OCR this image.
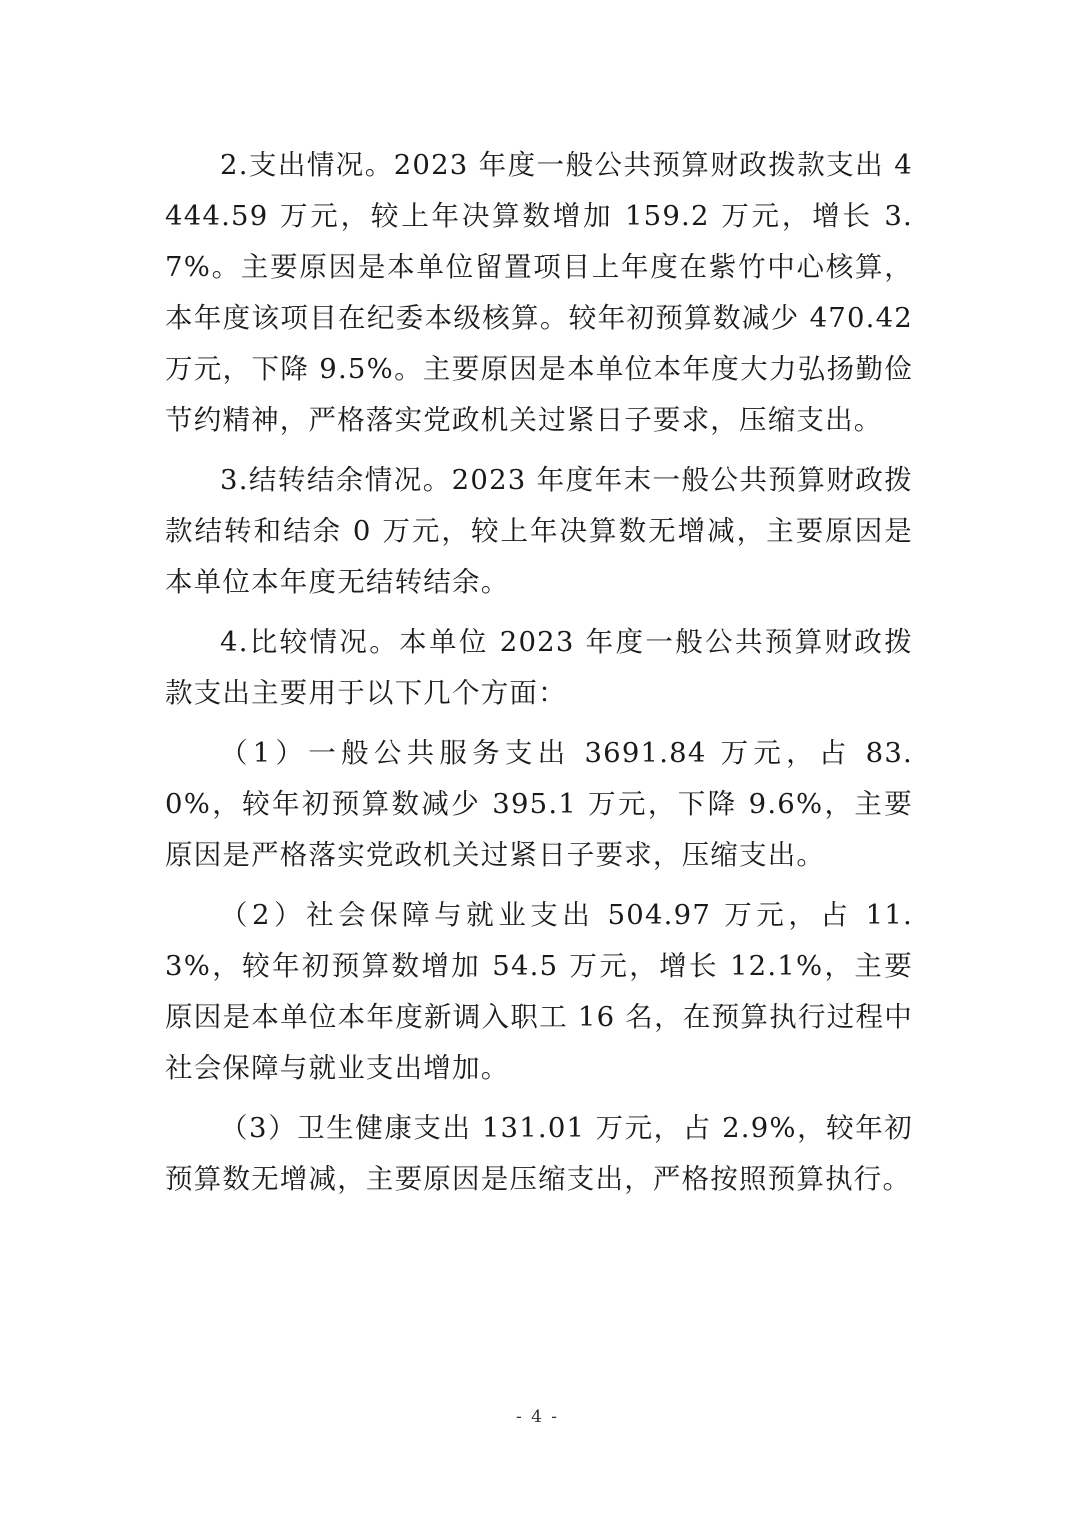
2.支出情况。2023 年度一般公共预算财政拨款支出 4444.59 万元，较上年决算数增加 159.2 万元，增长 3.7%。主要原因是本单位留置项目上年度在紫竹中心核算，本年度该项目在纪委本级核算。较年初预算数减少 470.42 万元，下降 9.5%。主要原因是本单位本年度大力弘扬勤俭节约精神，严格落实党政机关过紧日子要求，压缩支出。

3.结转结余情况。2023 年度年末一般公共预算财政拨款结转和结余 0 万元，较上年决算数无增减，主要原因是本单位本年度无结转结余。

4.比较情况。本单位 2023 年度一般公共预算财政拨款支出主要用于以下几个方面：

（1）一般公共服务支出 3691.84 万元，占 83.0%，较年初预算数减少 395.1 万元，下降 9.6%，主要原因是严格落实党政机关过紧日子要求，压缩支出。

（2）社会保障与就业支出 504.97 万元，占 11.3%，较年初预算数增加 54.5 万元，增长 12.1%，主要原因是本单位本年度新调入职工 16 名，在预算执行过程中社会保障与就业支出增加。

（3）卫生健康支出 131.01 万元，占 2.9%，较年初预算数无增减，主要原因是压缩支出，严格按照预算执行。

- 4 -
